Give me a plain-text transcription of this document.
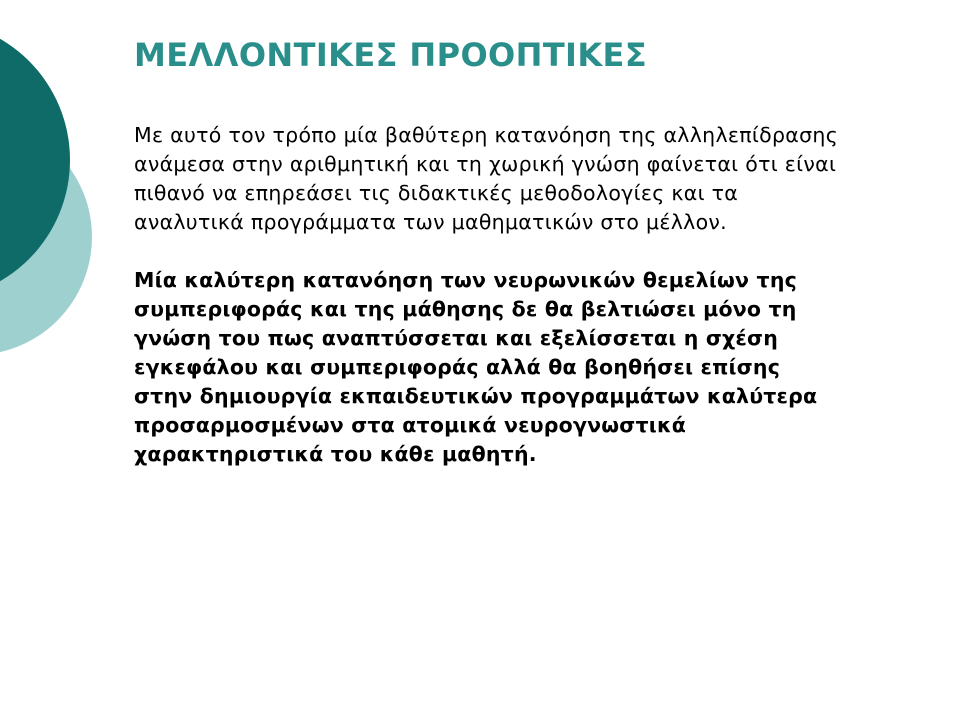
ΜΕΛΛΟΝΤΙΚΕΣ ΠΡΟΟΠΤΙΚΕΣ

Με αυτό τον τρόπο μία βαθύτερη κατανόηση της αλληλεπίδρασης
ανάμεσα στην αριθμητική και τη χωρική γνώση φαίνεται ότι είναι
πιθανό να επηρεάσει τις διδακτικές μεθοδολογίες και τα
αναλυτικά προγράμματα των μαθηματικών στο μέλλον.

Μία καλύτερη κατανόηση των νευρωνικών θεμελίων της
συμπεριφοράς και της μάθησης δε θα βελτιώσει μόνο τη
γνώση του πως αναπτύσσεται και εξελίσσεται η σχέση
εγκεφάλου και συμπεριφοράς αλλά θα βοηθήσει επίσης
στην δημιουργία εκπαιδευτικών προγραμμάτων καλύτερα
προσαρμοσμένων στα ατομικά νευρογνωστικά
χαρακτηριστικά του κάθε μαθητή.
